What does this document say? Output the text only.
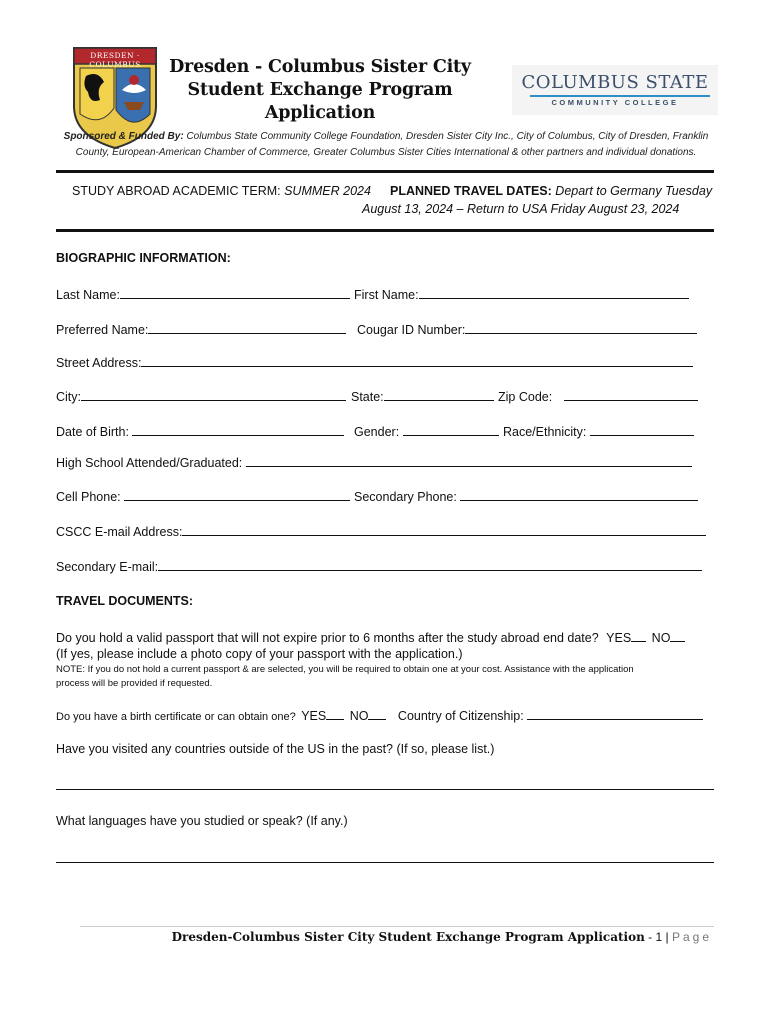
DRESDEN · COLUMBUS	Dresden - Columbus Sister City
Student Exchange Program
Application
COLUMBUS STATE
COMMUNITY COLLEGE
Sponsored & Funded By: Columbus State Community College Foundation, Dresden Sister City Inc., City of Columbus, City of Dresden, Franklin
County, European-American Chamber of Commerce, Greater Columbus Sister Cities International & other partners and individual donations.
STUDY ABROAD ACADEMIC TERM: SUMMER 2024 PLANNED TRAVEL DATES: Depart to Germany Tuesday
August 13, 2024 – Return to USA Friday August 23, 2024
BIOGRAPHIC INFORMATION:
Last Name:	First Name:
Preferred Name:	Cougar ID Number:
Street Address:
City:	State:	Zip Code:
Date of Birth:	Gender:	Race/Ethnicity:
High School Attended/Graduated:
Cell Phone:	Secondary Phone:
CSCC E-mail Address:
Secondary E-mail:
TRAVEL DOCUMENTS:
Do you hold a valid passport that will not expire prior to 6 months after the study abroad end date? YES NO
(If yes, please include a photo copy of your passport with the application.)
NOTE: If you do not hold a current passport & are selected, you will be required to obtain one at your cost. Assistance with the application
process will be provided if requested.
Do you have a birth certificate or can obtain one? YES NO Country of Citizenship:
Have you visited any countries outside of the US in the past? (If so, please list.)
What languages have you studied or speak? (If any.)
Dresden-Columbus Sister City Student Exchange Program Application - 1 | Page
